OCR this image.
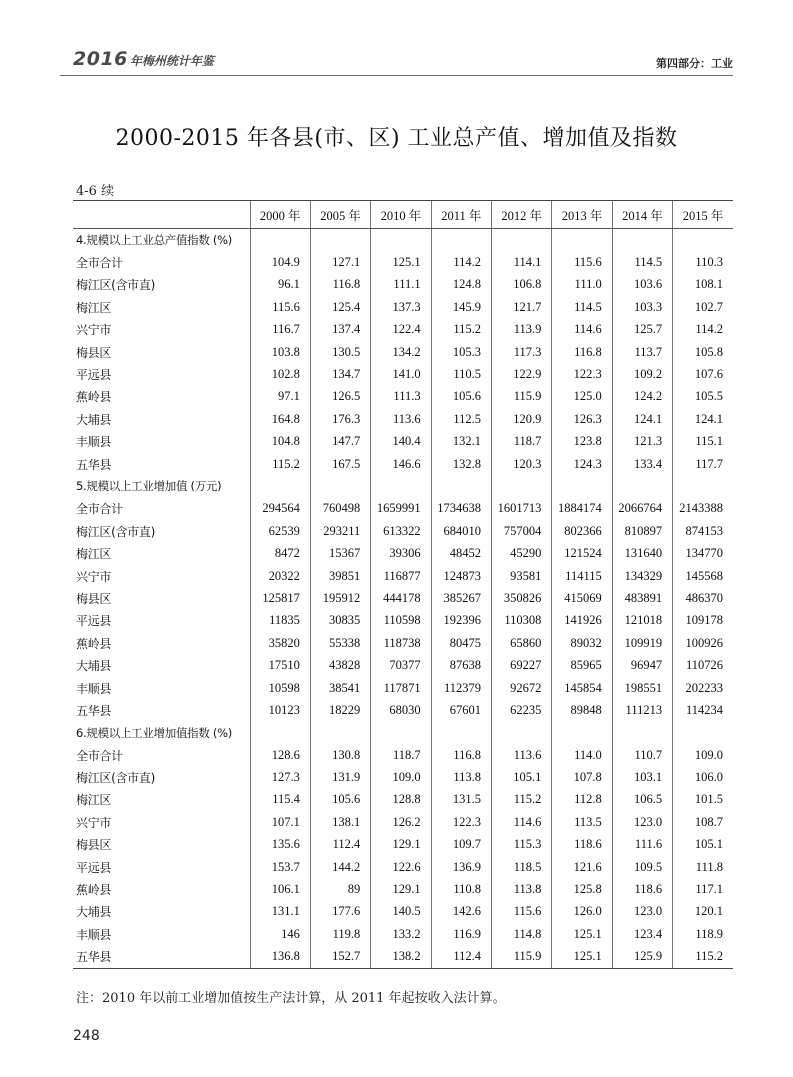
2016 年梅州统计年鉴	第四部分：工业
2000-2015 年各县(市、区) 工业总产值、增加值及指数
4-6 续
	2000 年	2005 年	2010 年	2011 年	2012 年	2013 年	2014 年	2015 年
4.规模以上工业总产值指数 (%)								
全市合计	104.9	127.1	125.1	114.2	114.1	115.6	114.5	110.3
梅江区(含市直)	96.1	116.8	111.1	124.8	106.8	111.0	103.6	108.1
梅江区	115.6	125.4	137.3	145.9	121.7	114.5	103.3	102.7
兴宁市	116.7	137.4	122.4	115.2	113.9	114.6	125.7	114.2
梅县区	103.8	130.5	134.2	105.3	117.3	116.8	113.7	105.8
平远县	102.8	134.7	141.0	110.5	122.9	122.3	109.2	107.6
蕉岭县	97.1	126.5	111.3	105.6	115.9	125.0	124.2	105.5
大埔县	164.8	176.3	113.6	112.5	120.9	126.3	124.1	124.1
丰顺县	104.8	147.7	140.4	132.1	118.7	123.8	121.3	115.1
五华县	115.2	167.5	146.6	132.8	120.3	124.3	133.4	117.7
5.规模以上工业增加值 (万元)								
全市合计	294564	760498	1659991	1734638	1601713	1884174	2066764	2143388
梅江区(含市直)	62539	293211	613322	684010	757004	802366	810897	874153
梅江区	8472	15367	39306	48452	45290	121524	131640	134770
兴宁市	20322	39851	116877	124873	93581	114115	134329	145568
梅县区	125817	195912	444178	385267	350826	415069	483891	486370
平远县	11835	30835	110598	192396	110308	141926	121018	109178
蕉岭县	35820	55338	118738	80475	65860	89032	109919	100926
大埔县	17510	43828	70377	87638	69227	85965	96947	110726
丰顺县	10598	38541	117871	112379	92672	145854	198551	202233
五华县	10123	18229	68030	67601	62235	89848	111213	114234
6.规模以上工业增加值指数 (%)								
全市合计	128.6	130.8	118.7	116.8	113.6	114.0	110.7	109.0
梅江区(含市直)	127.3	131.9	109.0	113.8	105.1	107.8	103.1	106.0
梅江区	115.4	105.6	128.8	131.5	115.2	112.8	106.5	101.5
兴宁市	107.1	138.1	126.2	122.3	114.6	113.5	123.0	108.7
梅县区	135.6	112.4	129.1	109.7	115.3	118.6	111.6	105.1
平远县	153.7	144.2	122.6	136.9	118.5	121.6	109.5	111.8
蕉岭县	106.1	89	129.1	110.8	113.8	125.8	118.6	117.1
大埔县	131.1	177.6	140.5	142.6	115.6	126.0	123.0	120.1
丰顺县	146	119.8	133.2	116.9	114.8	125.1	123.4	118.9
五华县	136.8	152.7	138.2	112.4	115.9	125.1	125.9	115.2
注：2010 年以前工业增加值按生产法计算，从 2011 年起按收入法计算。
248
